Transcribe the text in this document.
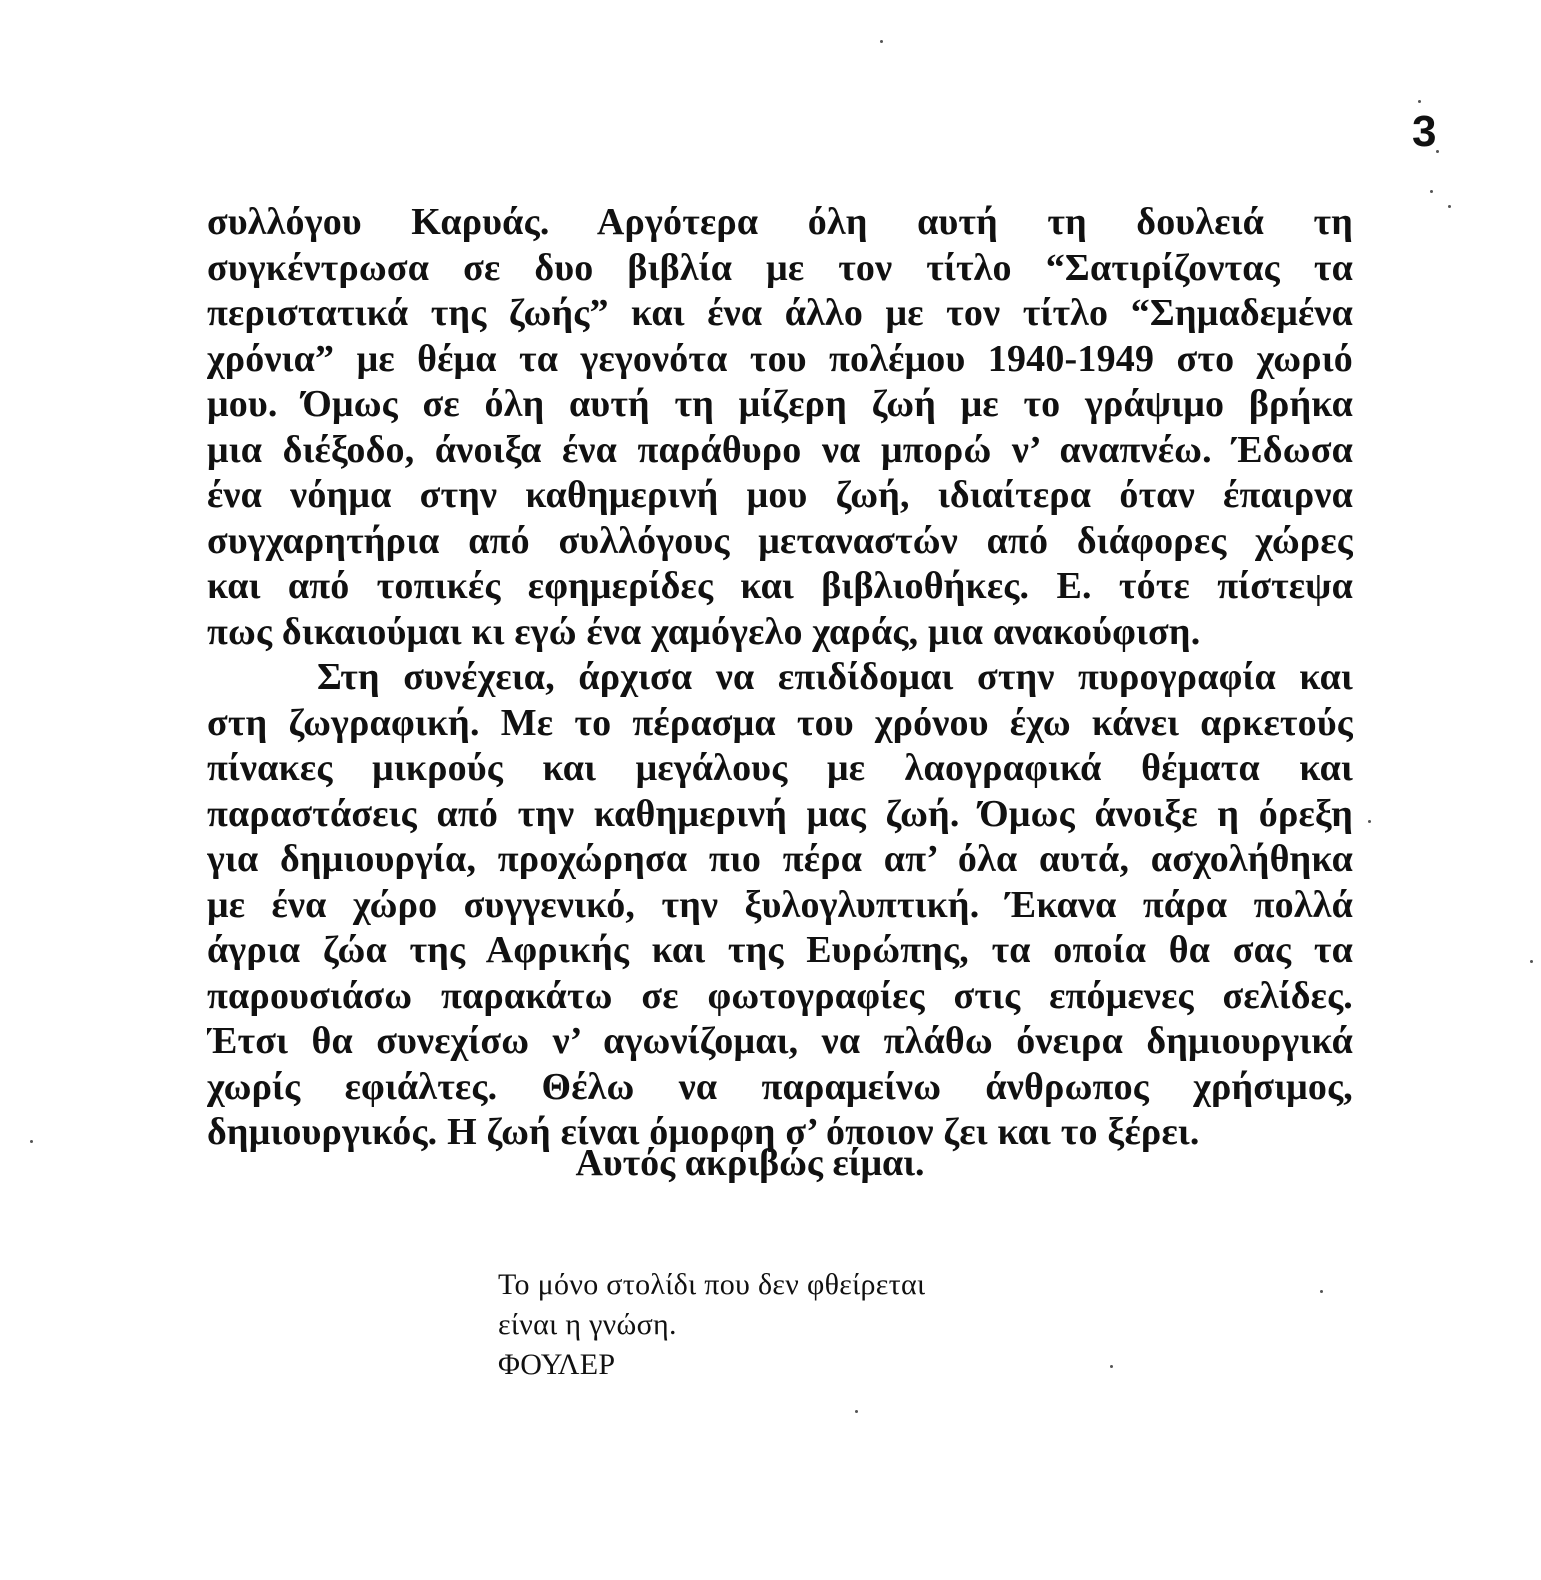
3
συλλόγου Καρυάς. Αργότερα όλη αυτή τη δουλειά τη
συγκέντρωσα σε δυο βιβλία με τον τίτλο “Σατιρίζοντας τα
περιστατικά της ζωής” και ένα άλλο με τον τίτλο “Σημαδεμένα
χρόνια” με θέμα τα γεγονότα του πολέμου 1940-1949 στο χωριό
μου. Όμως σε όλη αυτή τη μίζερη ζωή με το γράψιμο βρήκα
μια διέξοδο, άνοιξα ένα παράθυρο να μπορώ ν’ αναπνέω. Έδωσα
ένα νόημα στην καθημερινή μου ζωή, ιδιαίτερα όταν έπαιρνα
συγχαρητήρια από συλλόγους μεταναστών από διάφορες χώρες
και από τοπικές εφημερίδες και βιβλιοθήκες. Ε. τότε πίστεψα
πως δικαιούμαι κι εγώ ένα χαμόγελο χαράς, μια ανακούφιση.
Στη συνέχεια, άρχισα να επιδίδομαι στην πυρογραφία και
στη ζωγραφική. Με το πέρασμα του χρόνου έχω κάνει αρκετούς
πίνακες μικρούς και μεγάλους με λαογραφικά θέματα και
παραστάσεις από την καθημερινή μας ζωή. Όμως άνοιξε η όρεξη
για δημιουργία, προχώρησα πιο πέρα απ’ όλα αυτά, ασχολήθηκα
με ένα χώρο συγγενικό, την ξυλογλυπτική. Έκανα πάρα πολλά
άγρια ζώα της Αφρικής και της Ευρώπης, τα οποία θα σας τα
παρουσιάσω παρακάτω σε φωτογραφίες στις επόμενες σελίδες.
Έτσι θα συνεχίσω ν’ αγωνίζομαι, να πλάθω όνειρα δημιουργικά
χωρίς εφιάλτες. Θέλω να παραμείνω άνθρωπος χρήσιμος,
δημιουργικός. Η ζωή είναι όμορφη σ’ όποιον ζει και το ξέρει.
Αυτός ακριβώς είμαι.
Το μόνο στολίδι που δεν φθείρεται
είναι η γνώση.
ΦΟΥΛΕΡ
